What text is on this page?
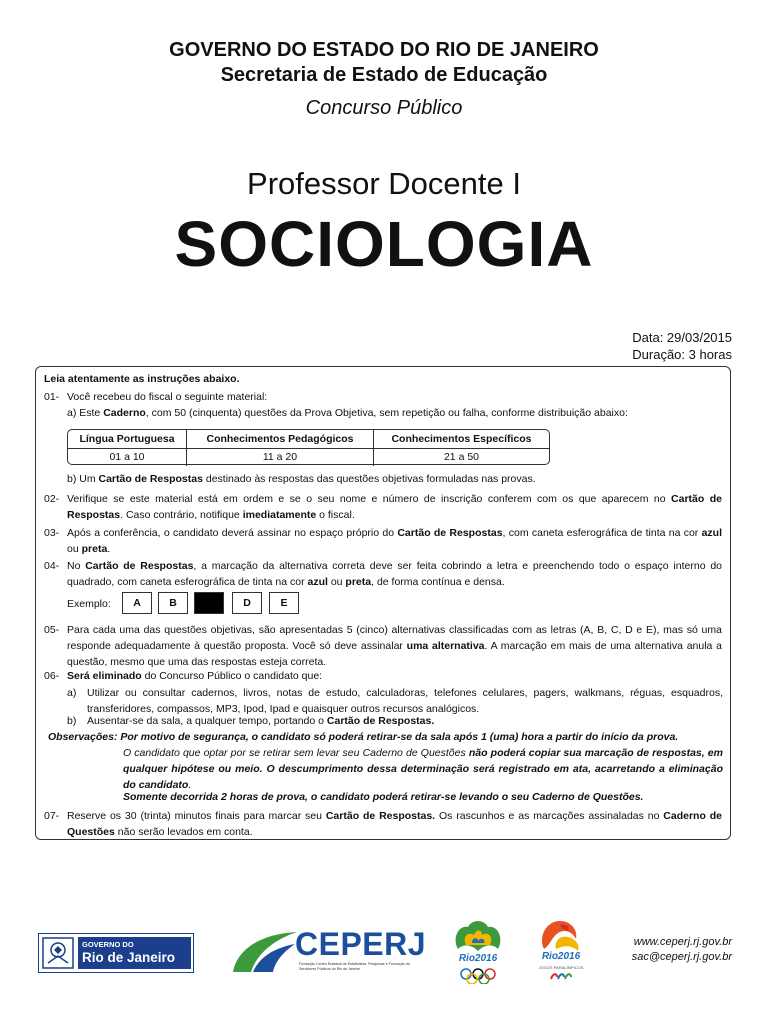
GOVERNO DO ESTADO DO RIO DE JANEIRO
Secretaria de Estado de Educação
Concurso Público
Professor Docente I
SOCIOLOGIA
Data: 29/03/2015
Duração: 3 horas
Leia atentamente as instruções abaixo.
01- Você recebeu do fiscal o seguinte material:
a) Este Caderno, com 50 (cinquenta) questões da Prova Objetiva, sem repetição ou falha, conforme distribuição abaixo:
Língua Portuguesa	Conhecimentos Pedagógicos	Conhecimentos Específicos
01 a 10	11 a 20	21 a 50
b) Um Cartão de Respostas destinado às respostas das questões objetivas formuladas nas provas.
02- Verifique se este material está em ordem e se o seu nome e número de inscrição conferem com os que aparecem no Cartão de Respostas. Caso contrário, notifique imediatamente o fiscal.
03- Após a conferência, o candidato deverá assinar no espaço próprio do Cartão de Respostas, com caneta esferográfica de tinta na cor azul ou preta.
04- No Cartão de Respostas, a marcação da alternativa correta deve ser feita cobrindo a letra e preenchendo todo o espaço interno do quadrado, com caneta esferográfica de tinta na cor azul ou preta, de forma contínua e densa.
Exemplo:	A	B	D	E
05- Para cada uma das questões objetivas, são apresentadas 5 (cinco) alternativas classificadas com as letras (A, B, C, D e E), mas só uma responde adequadamente à questão proposta. Você só deve assinalar uma alternativa. A marcação em mais de uma alternativa anula a questão, mesmo que uma das respostas esteja correta.
06- Será eliminado do Concurso Público o candidato que:
a) Utilizar ou consultar cadernos, livros, notas de estudo, calculadoras, telefones celulares, pagers, walkmans, réguas, esquadros, transferidores, compassos, MP3, Ipod, Ipad e quaisquer outros recursos analógicos.
b) Ausentar-se da sala, a qualquer tempo, portando o Cartão de Respostas.
Observações: Por motivo de segurança, o candidato só poderá retirar-se da sala após 1 (uma) hora a partir do início da prova.
O candidato que optar por se retirar sem levar seu Caderno de Questões não poderá copiar sua marcação de respostas, em qualquer hipótese ou meio. O descumprimento dessa determinação será registrado em ata, acarretando a eliminação do candidato.
Somente decorrida 2 horas de prova, o candidato poderá retirar-se levando o seu Caderno de Questões.
07- Reserve os 30 (trinta) minutos finais para marcar seu Cartão de Respostas. Os rascunhos e as marcações assinaladas no Caderno de Questões não serão levados em conta.
GOVERNO DO
Rio de Janeiro	CEPERJ
Fundação Centro Estadual de Estatísticas, Pesquisas e Formação de Servidores Públicos do Rio de Janeiro
Rio2016	Rio2016
JOGOS PARALÍMPICOS
www.ceperj.rj.gov.br
sac@ceperj.rj.gov.br
